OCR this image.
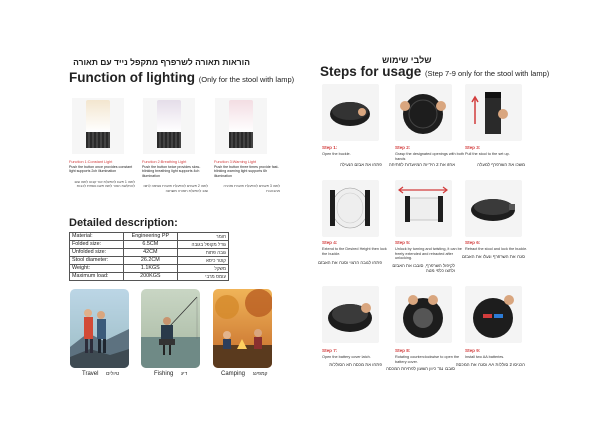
הוראות תאורה לשרפרף מתקפל נייד עם תאורה
Function of lighting (Only for the stool with lamp)
Function 1:Constant Light
Push the button once provides constant light supports 2ch illumination
לחצו 1 פעם להפעלת אור קבוע לחצו שוב להחלשת האור לחצו פעם נוספת לכבות
Function 2:Breathing Light
Push the button twice provides slow-blinking breathing light supports 4ch illumination
לחצו 2 פעמים להפעלת תאורת נשימה לחצו שוב להפעלת תאורה משתנה
Function 3:Warning Light
Push the button three times provide fast-blinking warning light supports 6h illumination
לחצו 3 פעמים להפעלת תאורת אזהרה מהבהבת
Detailed description:
Material:	Engineering PP	חומר
Folded size:	6.5CM	גודל מקופל בגובה
Unfolded size:	42CM	גובה פתוח
Stool diameter:	26.2CM	קוטר כיסא
Weight:	1.1KGS	משקל
Maximum load:	200KGS	עומס מרבי
Travel טיולים	Fishing דיג	Camping קמפינג
שלבי שימוש
Steps for usage (Step 7-9 only for the stool with lamp)
Step 1:
Open the buckle.
פתחו את אבזם הנעילה
Step 2:
Grasp the designated openings with both hands
אחזו את 2 הידיות המיועדות לפתיחה
Step 3:
Pull the stool to the set up.
משכו את השרפרף למעלה
Step 4:
Extend to the Desired Height then lock the buckle.
פתחו לגובה הרצוי וסגרו את האבזם
Step 5:
Unlock by turning and twisting, it can be freely extended and retracted after unlocking.
לקיפול השרפרף, סובבו את האבזם ולחצו כלפי מטה
Step 6:
Retract the stool and lock the buckle.
סגרו את השרפרף ונעלו את האבזם
Step 7:
Open the battery cover latch.
פתחו את מכסה תא הסוללות
Step 8:
Rotating counterclockwise to open the battery cover.
סובבו נגד כיוון השעון לפתיחת המכסה
Step 9:
Install two AA batteries.
הכניסו 2 סוללות AA וסגרו את המכסה
